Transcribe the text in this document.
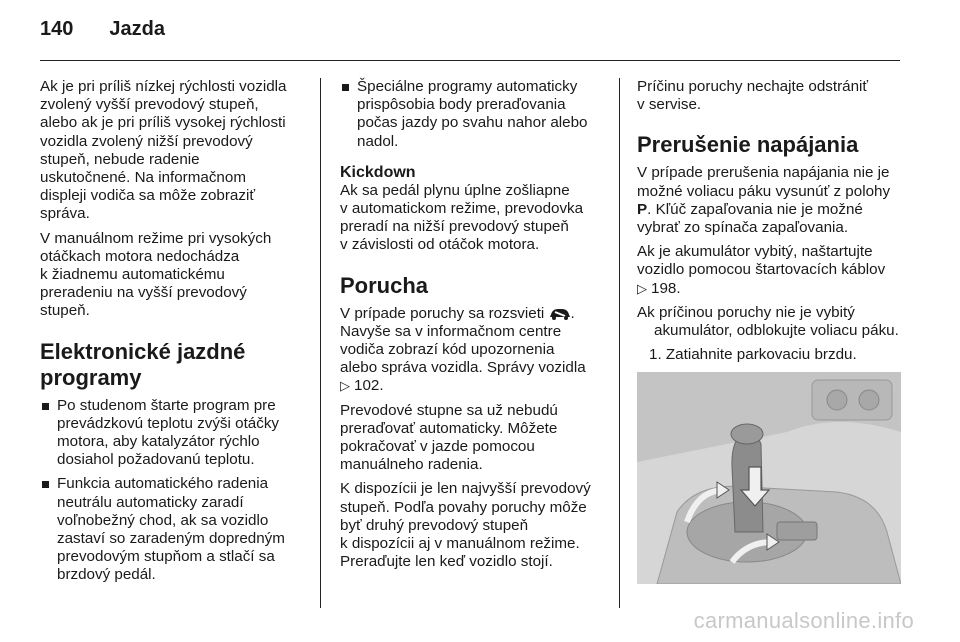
140 Jazda

Ak je pri príliš nízkej rýchlosti vozidla
zvolený vyšší prevodový stupeň,
alebo ak je pri príliš vysokej rýchlosti
vozidla zvolený nižší prevodový
stupeň, nebude radenie
uskutočnené. Na informačnom
displeji vodiča sa môže zobraziť
správa.

V manuálnom režime pri vysokých
otáčkach motora nedochádza
k žiadnemu automatickému
preradeniu na vyšší prevodový
stupeň.

Elektronické jazdné
programy
Po studenom štarte program pre
prevádzkovú teplotu zvýši otáčky
motora, aby katalyzátor rýchlo
dosiahol požadovanú teplotu.
Funkcia automatického radenia
neutrálu automaticky zaradí
voľnobežný chod, ak sa vozidlo
zastaví so zaradeným dopredným
prevodovým stupňom a stlačí sa
brzdový pedál.
Špeciálne programy automaticky
prispôsobia body preraďovania
počas jazdy po svahu nahor alebo
nadol.
Kickdown

Ak sa pedál plynu úplne zošliapne
v automatickom režime, prevodovka
preradí na nižší prevodový stupeň
v závislosti od otáčok motora.

Porucha

V prípade poruchy sa rozsvieti .
Navyše sa v informačnom centre
vodiča zobrazí kód upozornenia
alebo správa vozidla. Správy vozidla
▷ 102.

Prevodové stupne sa už nebudú
preraďovať automaticky. Môžete
pokračovať v jazde pomocou
manuálneho radenia.

K dispozícii je len najvyšší prevodový
stupeň. Podľa povahy poruchy môže
byť druhý prevodový stupeň
k dispozícii aj v manuálnom režime.
Preraďujte len keď vozidlo stojí.

Príčinu poruchy nechajte odstrániť
v servise.

Prerušenie napájania

V prípade prerušenia napájania nie je
možné voliacu páku vysunúť z polohy
P. Kľúč zapaľovania nie je možné
vybrať zo spínača zapaľovania.

Ak je akumulátor vybitý, naštartujte
vozidlo pomocou štartovacích káblov
▷ 198.

Ak príčinou poruchy nie je vybitý
akumulátor, odblokujte voliacu páku.

1. Zatiahnite parkovaciu brzdu.
carmanualsonline.info
